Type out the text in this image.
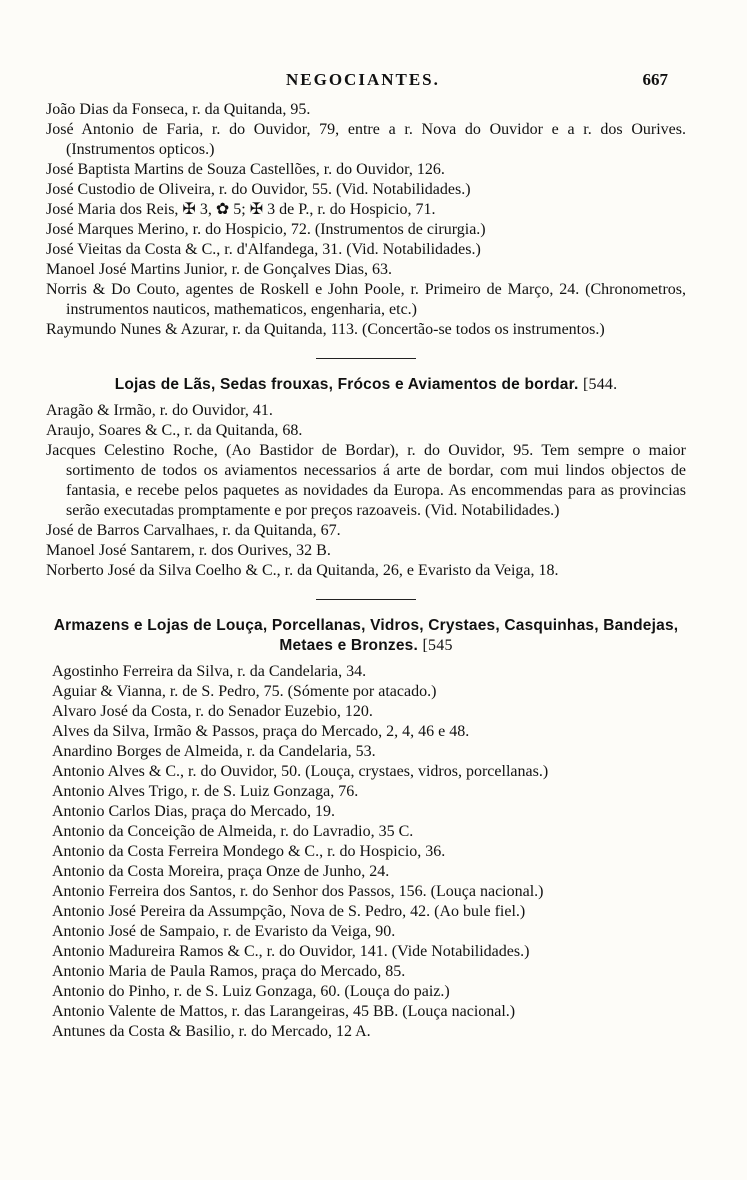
NEGOCIANTES.	667

João Dias da Fonseca, r. da Quitanda, 95.

José Antonio de Faria, r. do Ouvidor, 79, entre a r. Nova do Ouvidor e a r. dos Ourives. (Instrumentos opticos.)

José Baptista Martins de Souza Castellões, r. do Ouvidor, 126.

José Custodio de Oliveira, r. do Ouvidor, 55. (Vid. Notabilidades.)

José Maria dos Reis, ✠ 3, ✿ 5; ✠ 3 de P., r. do Hospicio, 71.

José Marques Merino, r. do Hospicio, 72. (Instrumentos de cirurgia.)

José Vieitas da Costa & C., r. d'Alfandega, 31. (Vid. Notabilidades.)

Manoel José Martins Junior, r. de Gonçalves Dias, 63.

Norris & Do Couto, agentes de Roskell e John Poole, r. Primeiro de Março, 24. (Chronometros, instrumentos nauticos, mathematicos, engenharia, etc.)

Raymundo Nunes & Azurar, r. da Quitanda, 113. (Concertão-se todos os instrumentos.)

Lojas de Lãs, Sedas frouxas, Frócos e Aviamentos de bordar. [544.

Aragão & Irmão, r. do Ouvidor, 41.

Araujo, Soares & C., r. da Quitanda, 68.

Jacques Celestino Roche, (Ao Bastidor de Bordar), r. do Ouvidor, 95. Tem sempre o maior sortimento de todos os aviamentos necessarios á arte de bordar, com mui lindos objectos de fantasia, e recebe pelos paquetes as novidades da Europa. As encommendas para as provincias serão executadas promptamente e por preços razoaveis. (Vid. Notabilidades.)

José de Barros Carvalhaes, r. da Quitanda, 67.

Manoel José Santarem, r. dos Ourives, 32 B.

Norberto José da Silva Coelho & C., r. da Quitanda, 26, e Evaristo da Veiga, 18.

Armazens e Lojas de Louça, Porcellanas, Vidros, Crystaes, Casquinhas, Bandejas,
Metaes e Bronzes. [545

Agostinho Ferreira da Silva, r. da Candelaria, 34.

Aguiar & Vianna, r. de S. Pedro, 75. (Sómente por atacado.)

Alvaro José da Costa, r. do Senador Euzebio, 120.

Alves da Silva, Irmão & Passos, praça do Mercado, 2, 4, 46 e 48.

Anardino Borges de Almeida, r. da Candelaria, 53.

Antonio Alves & C., r. do Ouvidor, 50. (Louça, crystaes, vidros, porcellanas.)

Antonio Alves Trigo, r. de S. Luiz Gonzaga, 76.

Antonio Carlos Dias, praça do Mercado, 19.

Antonio da Conceição de Almeida, r. do Lavradio, 35 C.

Antonio da Costa Ferreira Mondego & C., r. do Hospicio, 36.

Antonio da Costa Moreira, praça Onze de Junho, 24.

Antonio Ferreira dos Santos, r. do Senhor dos Passos, 156. (Louça nacional.)

Antonio José Pereira da Assumpção, Nova de S. Pedro, 42. (Ao bule fiel.)

Antonio José de Sampaio, r. de Evaristo da Veiga, 90.

Antonio Madureira Ramos & C., r. do Ouvidor, 141. (Vide Notabilidades.)

Antonio Maria de Paula Ramos, praça do Mercado, 85.

Antonio do Pinho, r. de S. Luiz Gonzaga, 60. (Louça do paiz.)

Antonio Valente de Mattos, r. das Larangeiras, 45 BB. (Louça nacional.)

Antunes da Costa & Basilio, r. do Mercado, 12 A.
